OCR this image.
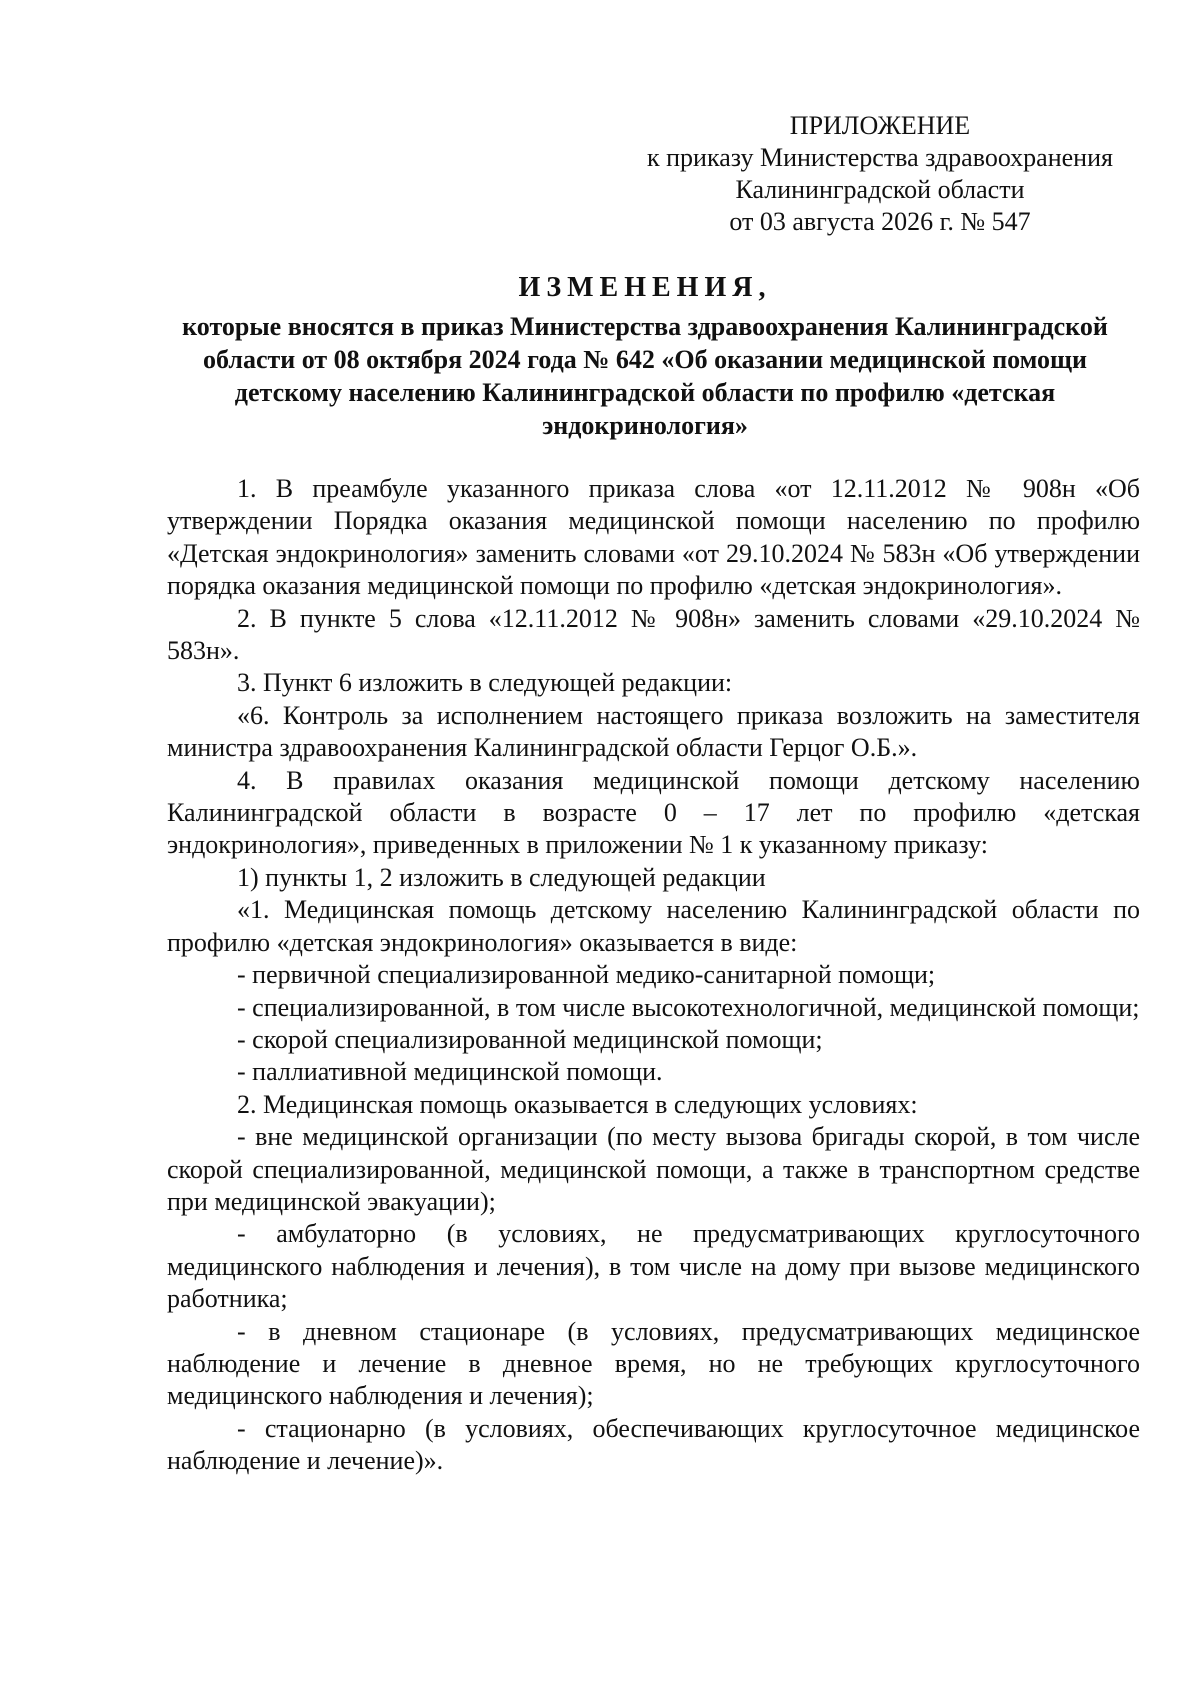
ПРИЛОЖЕНИЕ
к приказу Министерства здравоохранения
Калининградской области
от 03 августа 2026 г. № 547
ИЗМЕНЕНИЯ,
которые вносятся в приказ Министерства здравоохранения Калининградской области от 08 октября 2024 года № 642 «Об оказании медицинской помощи детскому населению Калининградской области по профилю «детская эндокринология»

1. В преамбуле указанного приказа слова «от 12.11.2012 № 908н «Об утверждении Порядка оказания медицинской помощи населению по профилю «Детская эндокринология» заменить словами «от 29.10.2024 № 583н «Об утверждении порядка оказания медицинской помощи по профилю «детская эндокринология».

2. В пункте 5 слова «12.11.2012 № 908н» заменить словами «29.10.2024 № 583н».

3. Пункт 6 изложить в следующей редакции:

«6. Контроль за исполнением настоящего приказа возложить на заместителя министра здравоохранения Калининградской области Герцог О.Б.».

4. В правилах оказания медицинской помощи детскому населению Калининградской области в возрасте 0 – 17 лет по профилю «детская эндокринология», приведенных в приложении № 1 к указанному приказу:

1) пункты 1, 2 изложить в следующей редакции

«1. Медицинская помощь детскому населению Калининградской области по профилю «детская эндокринология» оказывается в виде:

- первичной специализированной медико-санитарной помощи;

- специализированной, в том числе высокотехнологичной, медицинской помощи;

- скорой специализированной медицинской помощи;

- паллиативной медицинской помощи.

2. Медицинская помощь оказывается в следующих условиях:

- вне медицинской организации (по месту вызова бригады скорой, в том числе скорой специализированной, медицинской помощи, а также в транспортном средстве при медицинской эвакуации);

- амбулаторно (в условиях, не предусматривающих круглосуточного медицинского наблюдения и лечения), в том числе на дому при вызове медицинского работника;

- в дневном стационаре (в условиях, предусматривающих медицинское наблюдение и лечение в дневное время, но не требующих круглосуточного медицинского наблюдения и лечения);

- стационарно (в условиях, обеспечивающих круглосуточное медицинское наблюдение и лечение)».
